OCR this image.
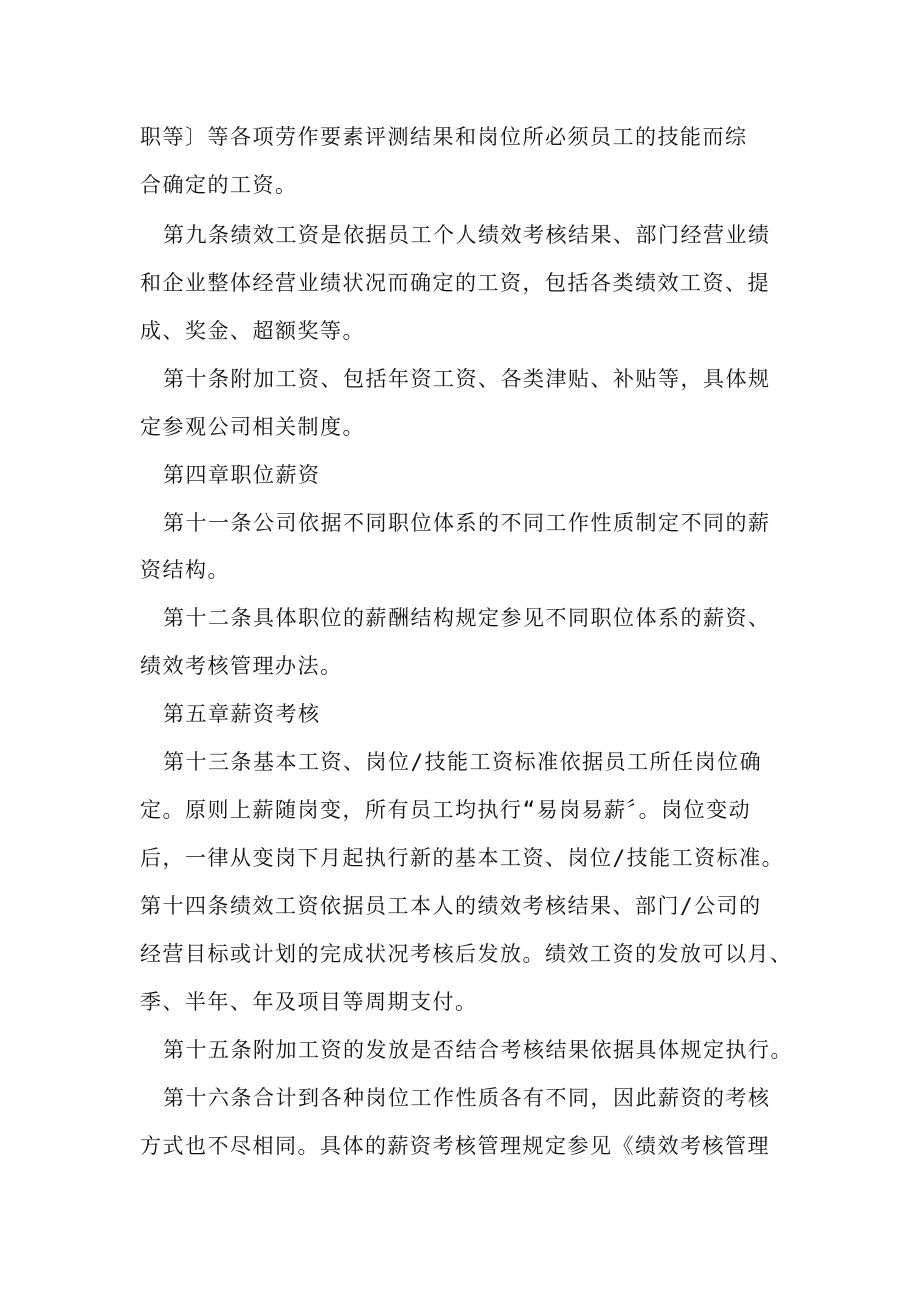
职等〕等各项劳作要素评测结果和岗位所必须员工的技能而综

合确定的工资。

第九条绩效工资是依据员工个人绩效考核结果、部门经营业绩

和企业整体经营业绩状况而确定的工资，包括各类绩效工资、提

成、奖金、超额奖等。

第十条附加工资、包括年资工资、各类津贴、补贴等，具体规

定参观公司相关制度。

第四章职位薪资

第十一条公司依据不同职位体系的不同工作性质制定不同的薪

资结构。

第十二条具体职位的薪酬结构规定参见不同职位体系的薪资、

绩效考核管理办法。

第五章薪资考核

第十三条基本工资、岗位/技能工资标准依据员工所任岗位确

定。原则上薪随岗变，所有员工均执行“易岗易薪〞。岗位变动

后，一律从变岗下月起执行新的基本工资、岗位/技能工资标准。

第十四条绩效工资依据员工本人的绩效考核结果、部门/公司的

经营目标或计划的完成状况考核后发放。绩效工资的发放可以月、

季、半年、年及项目等周期支付。

第十五条附加工资的发放是否结合考核结果依据具体规定执行。

第十六条合计到各种岗位工作性质各有不同，因此薪资的考核

方式也不尽相同。具体的薪资考核管理规定参见《绩效考核管理
